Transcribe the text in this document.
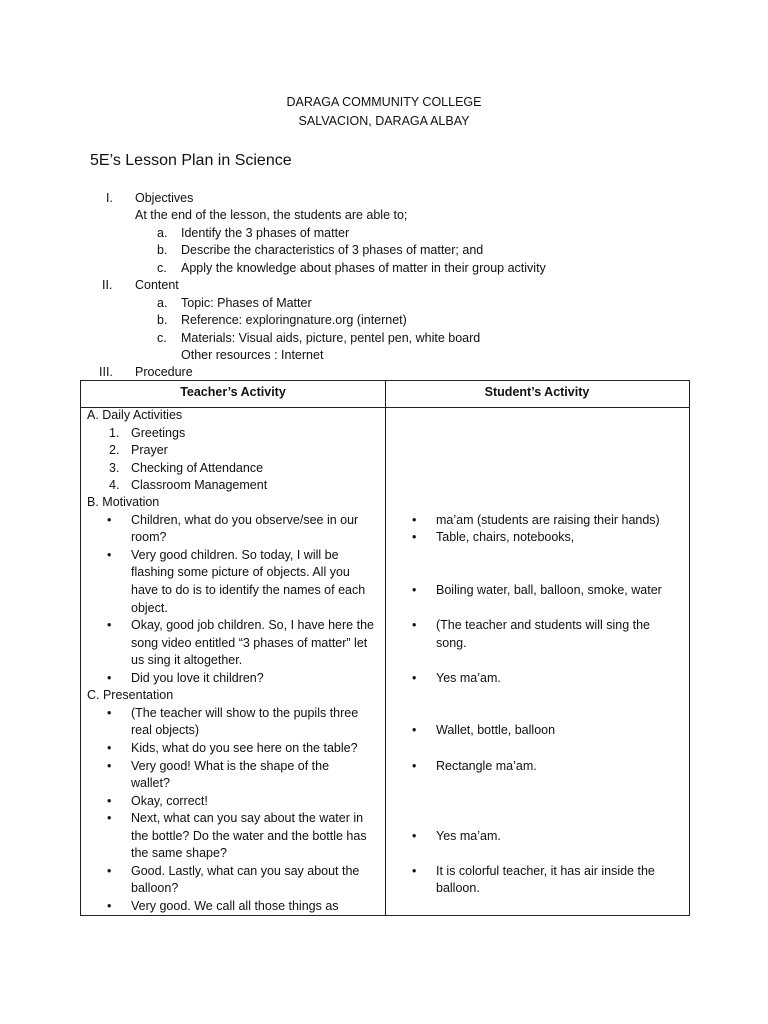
DARAGA COMMUNITY COLLEGE
SALVACION, DARAGA ALBAY
5E’s Lesson Plan in Science
I. Objectives
At the end of the lesson, the students are able to;
a. Identify the 3 phases of matter
b. Describe the characteristics of 3 phases of matter; and
c. Apply the knowledge about phases of matter in their group activity
II. Content
a. Topic: Phases of Matter
b. Reference: exploringnature.org (internet)
c. Materials: Visual aids, picture, pentel pen, white board
Other resources : Internet
III. Procedure
Teacher’s Activity	Student’s Activity
A. Daily Activities
1. Greetings
2. Prayer
3. Checking of Attendance
4. Classroom Management
B. Motivation
• Children, what do you observe/see in our
room?
• Very good children. So today, I will be
flashing some picture of objects. All you
have to do is to identify the names of each
object.
• Okay, good job children. So, I have here the
song video entitled “3 phases of matter” let
us sing it altogether.
• Did you love it children?
C. Presentation
• (The teacher will show to the pupils three
real objects)
• Kids, what do you see here on the table?
• Very good! What is the shape of the
wallet?
• Okay, correct!
• Next, what can you say about the water in
the bottle? Do the water and the bottle has
the same shape?
• Good. Lastly, what can you say about the
balloon?
• Very good. We call all those things as
• ma’am (students are raising their hands)
• Table, chairs, notebooks,
• Boiling water, ball, balloon, smoke, water
• (The teacher and students will sing the
song.
• Yes ma’am.
• Wallet, bottle, balloon
• Rectangle ma’am.
• Yes ma’am.
• It is colorful teacher, it has air inside the
balloon.
